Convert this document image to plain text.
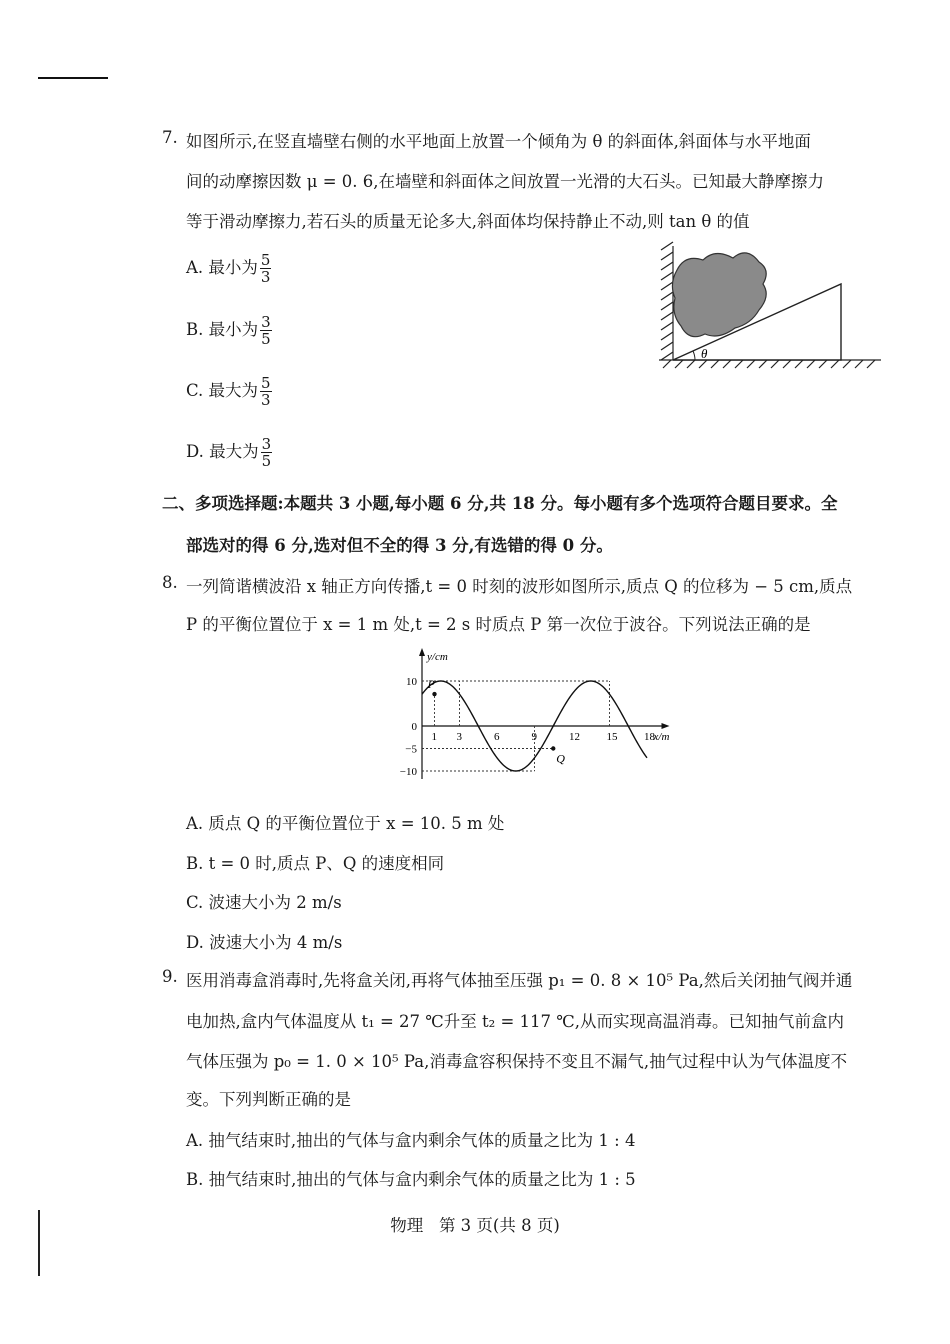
7. 如图所示,在竖直墙壁右侧的水平地面上放置一个倾角为 θ 的斜面体,斜面体与水平地面
间的动摩擦因数 μ = 0. 6,在墙壁和斜面体之间放置一光滑的大石头。已知最大静摩擦力
等于滑动摩擦力,若石头的质量无论多大,斜面体均保持静止不动,则 tan θ 的值
A. 最小为 $\frac{5}{3}$
B. 最小为 $\frac{3}{5}$
C. 最大为 $\frac{5}{3}$
D. 最大为 $\frac{3}{5}$
θ
二、多项选择题:本题共 3 小题,每小题 6 分,共 18 分。每小题有多个选项符合题目要求。全
部选对的得 6 分,选对但不全的得 3 分,有选错的得 0 分。
8. 一列简谐横波沿 x 轴正方向传播,t = 0 时刻的波形如图所示,质点 Q 的位移为 − 5 cm,质点
P 的平衡位置位于 x = 1 m 处,t = 2 s 时质点 P 第一次位于波谷。下列说法正确的是
y/cm
x/m
1 3	6	9	12 15 18
10
0
−5
−10
P
Q
A. 质点 Q 的平衡位置位于 x = 10. 5 m 处
B. t = 0 时,质点 P、Q 的速度相同
C. 波速大小为 2 m/s
D. 波速大小为 4 m/s
9. 医用消毒盒消毒时,先将盒关闭,再将气体抽至压强 p₁ = 0. 8 × 10⁵ Pa,然后关闭抽气阀并通
电加热,盒内气体温度从 t₁ = 27 ℃升至 t₂ = 117 ℃,从而实现高温消毒。已知抽气前盒内
气体压强为 p₀ = 1. 0 × 10⁵ Pa,消毒盒容积保持不变且不漏气,抽气过程中认为气体温度不
变。下列判断正确的是
A. 抽气结束时,抽出的气体与盒内剩余气体的质量之比为 1 : 4
B. 抽气结束时,抽出的气体与盒内剩余气体的质量之比为 1 : 5
物理   第 3 页(共 8 页)
